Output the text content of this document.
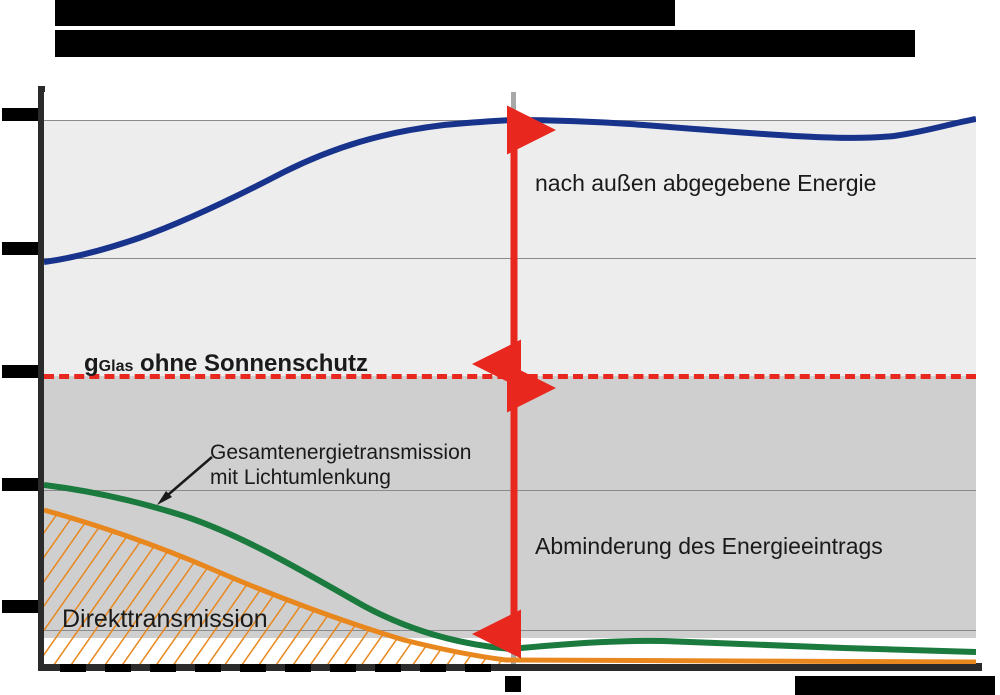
nach außen abgegebene Energie
gGlas ohne Sonnenschutz
Gesamtenergietransmission
mit Lichtumlenkung
Abminderung des Energieeintrags
Direkttransmission
